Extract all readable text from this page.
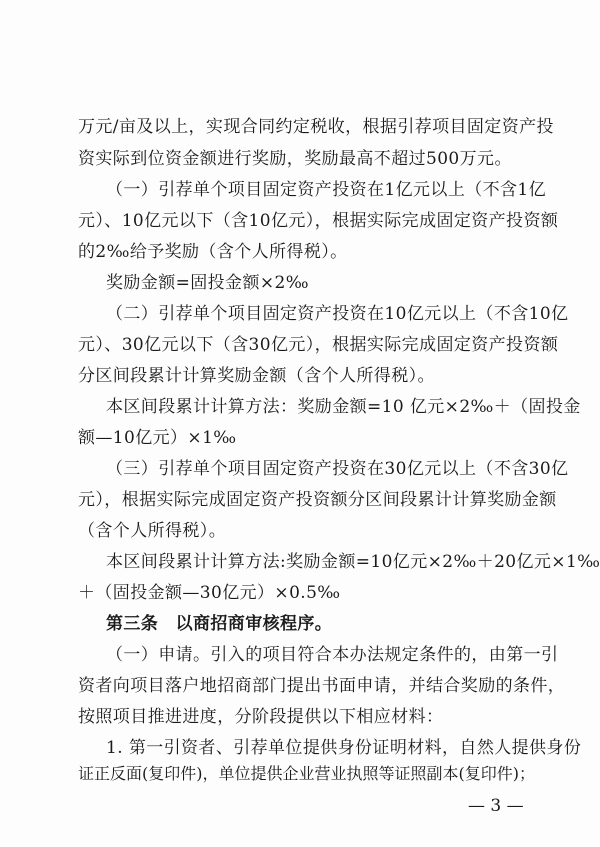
万元/亩及以上，实现合同约定税收，根据引荐项目固定资产投
资实际到位资金额进行奖励，奖励最高不超过500万元。
（一）引荐单个项目固定资产投资在1亿元以上（不含1亿
元）、10亿元以下（含10亿元），根据实际完成固定资产投资额
的2‰给予奖励（含个人所得税）。
奖励金额=固投金额×2‰
（二）引荐单个项目固定资产投资在10亿元以上（不含10亿
元）、30亿元以下（含30亿元），根据实际完成固定资产投资额
分区间段累计计算奖励金额（含个人所得税）。
本区间段累计计算方法：奖励金额=10 亿元×2‰＋（固投金
额—10亿元）×1‰
（三）引荐单个项目固定资产投资在30亿元以上（不含30亿
元），根据实际完成固定资产投资额分区间段累计计算奖励金额
（含个人所得税）。
本区间段累计计算方法:奖励金额=10亿元×2‰＋20亿元×1‰
＋（固投金额—30亿元）×0.5‰
第三条　以商招商审核程序。
（一）申请。引入的项目符合本办法规定条件的，由第一引
资者向项目落户地招商部门提出书面申请，并结合奖励的条件，
按照项目推进进度，分阶段提供以下相应材料：
1. 第一引资者、引荐单位提供身份证明材料，自然人提供身份
证正反面(复印件)，单位提供企业营业执照等证照副本(复印件)；
— 3 —
